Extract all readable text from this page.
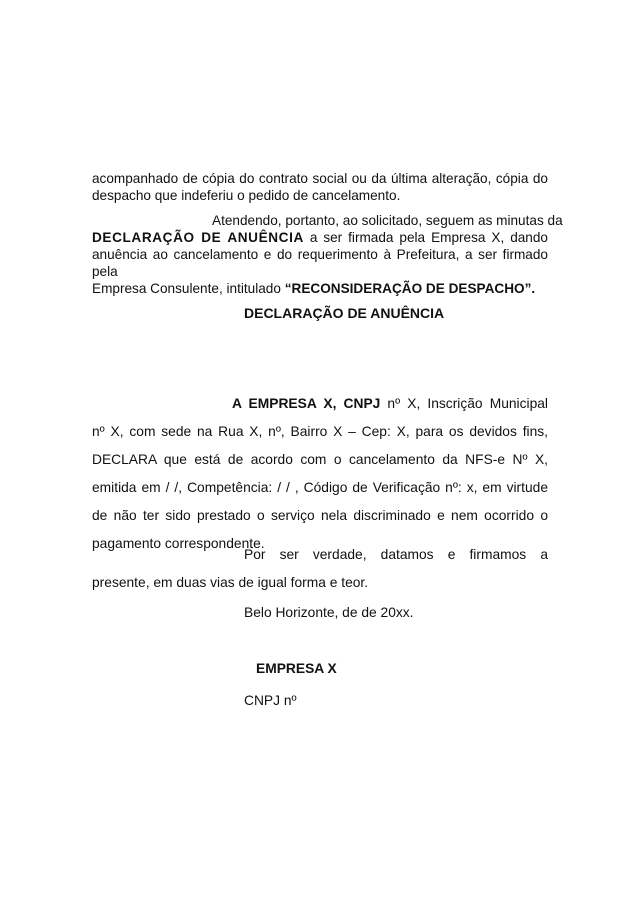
acompanhado de cópia do contrato social ou da última alteração, cópia do
despacho que indeferiu o pedido de cancelamento.
Atendendo, portanto, ao solicitado, seguem as minutas da
DECLARAÇÃO DE ANUÊNCIA a ser firmada pela Empresa X, dando
anuência ao cancelamento e do requerimento à Prefeitura, a ser firmado pela
Empresa Consulente, intitulado “RECONSIDERAÇÃO DE DESPACHO”.
DECLARAÇÃO DE ANUÊNCIA
A EMPRESA X, CNPJ nº X, Inscrição Municipal
nº X, com sede na Rua X, nº, Bairro X – Cep: X, para os devidos fins,
DECLARA que está de acordo com o cancelamento da NFS-e Nº X,
emitida em / /, Competência: / / , Código de Verificação nº: x, em virtude
de não ter sido prestado o serviço nela discriminado e nem ocorrido o
pagamento correspondente.
Por ser verdade, datamos e firmamos a
presente, em duas vias de igual forma e teor.
Belo Horizonte, de de 20xx.
EMPRESA X
CNPJ nº
